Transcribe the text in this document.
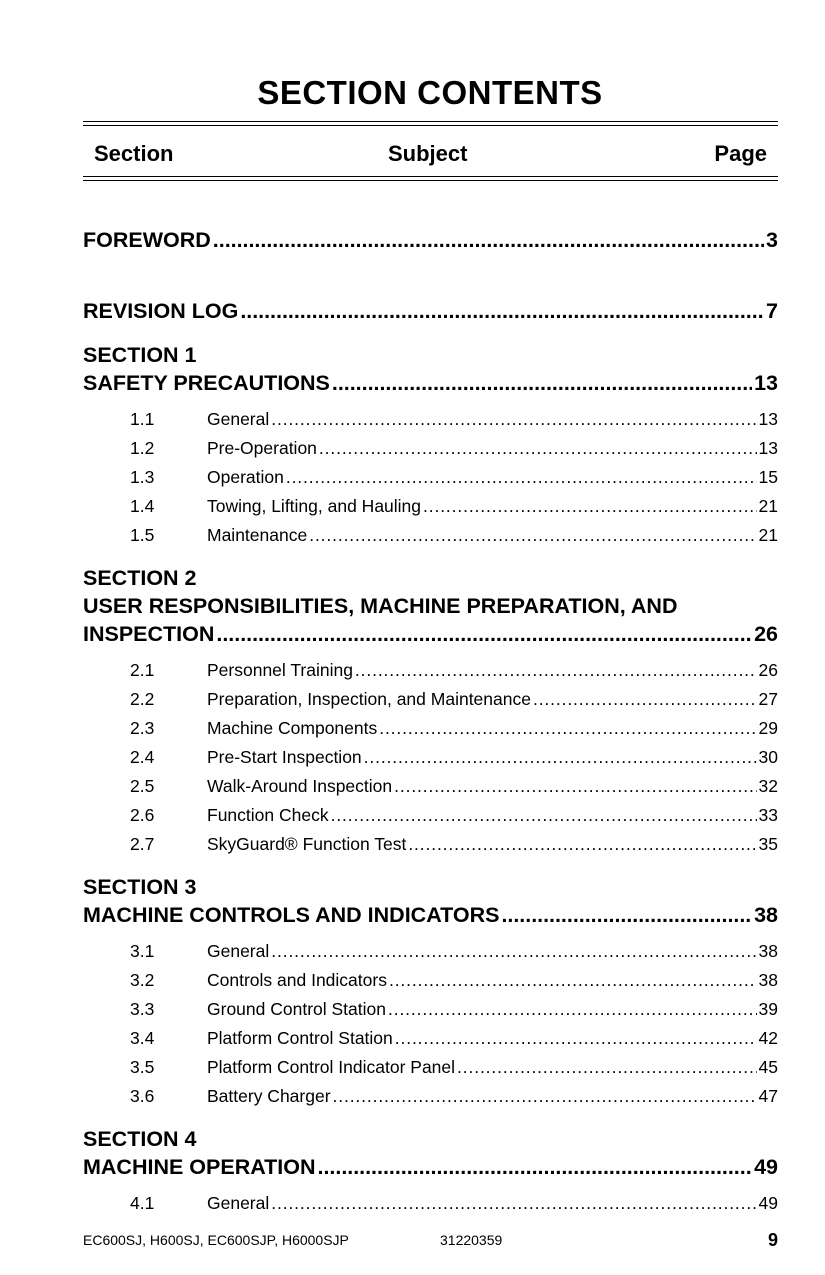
SECTION CONTENTS
Section	Subject	Page
FOREWORD . . .	3
REVISION LOG . . .	7
SECTION 1
SAFETY PRECAUTIONS . . .	13
1.1	General . . .	13
1.2	Pre-Operation . . .	13
1.3	Operation . . .	15
1.4	Towing, Lifting, and Hauling . . .	21
1.5	Maintenance . . .	21
SECTION 2
USER RESPONSIBILITIES, MACHINE PREPARATION, AND
INSPECTION . . .	26
2.1	Personnel Training . . .	26
2.2	Preparation, Inspection, and Maintenance . . .	27
2.3	Machine Components . . .	29
2.4	Pre-Start Inspection . . .	30
2.5	Walk-Around Inspection . . .	32
2.6	Function Check . . .	33
2.7	SkyGuard® Function Test . . .	35
SECTION 3
MACHINE CONTROLS AND INDICATORS . . .	38
3.1	General . . .	38
3.2	Controls and Indicators . . .	38
3.3	Ground Control Station . . .	39
3.4	Platform Control Station . . .	42
3.5	Platform Control Indicator Panel . . .	45
3.6	Battery Charger . . .	47
SECTION 4
MACHINE OPERATION . . .	49
4.1	General . . .	49
EC600SJ, H600SJ, EC600SJP, H6000SJP	31220359	9
